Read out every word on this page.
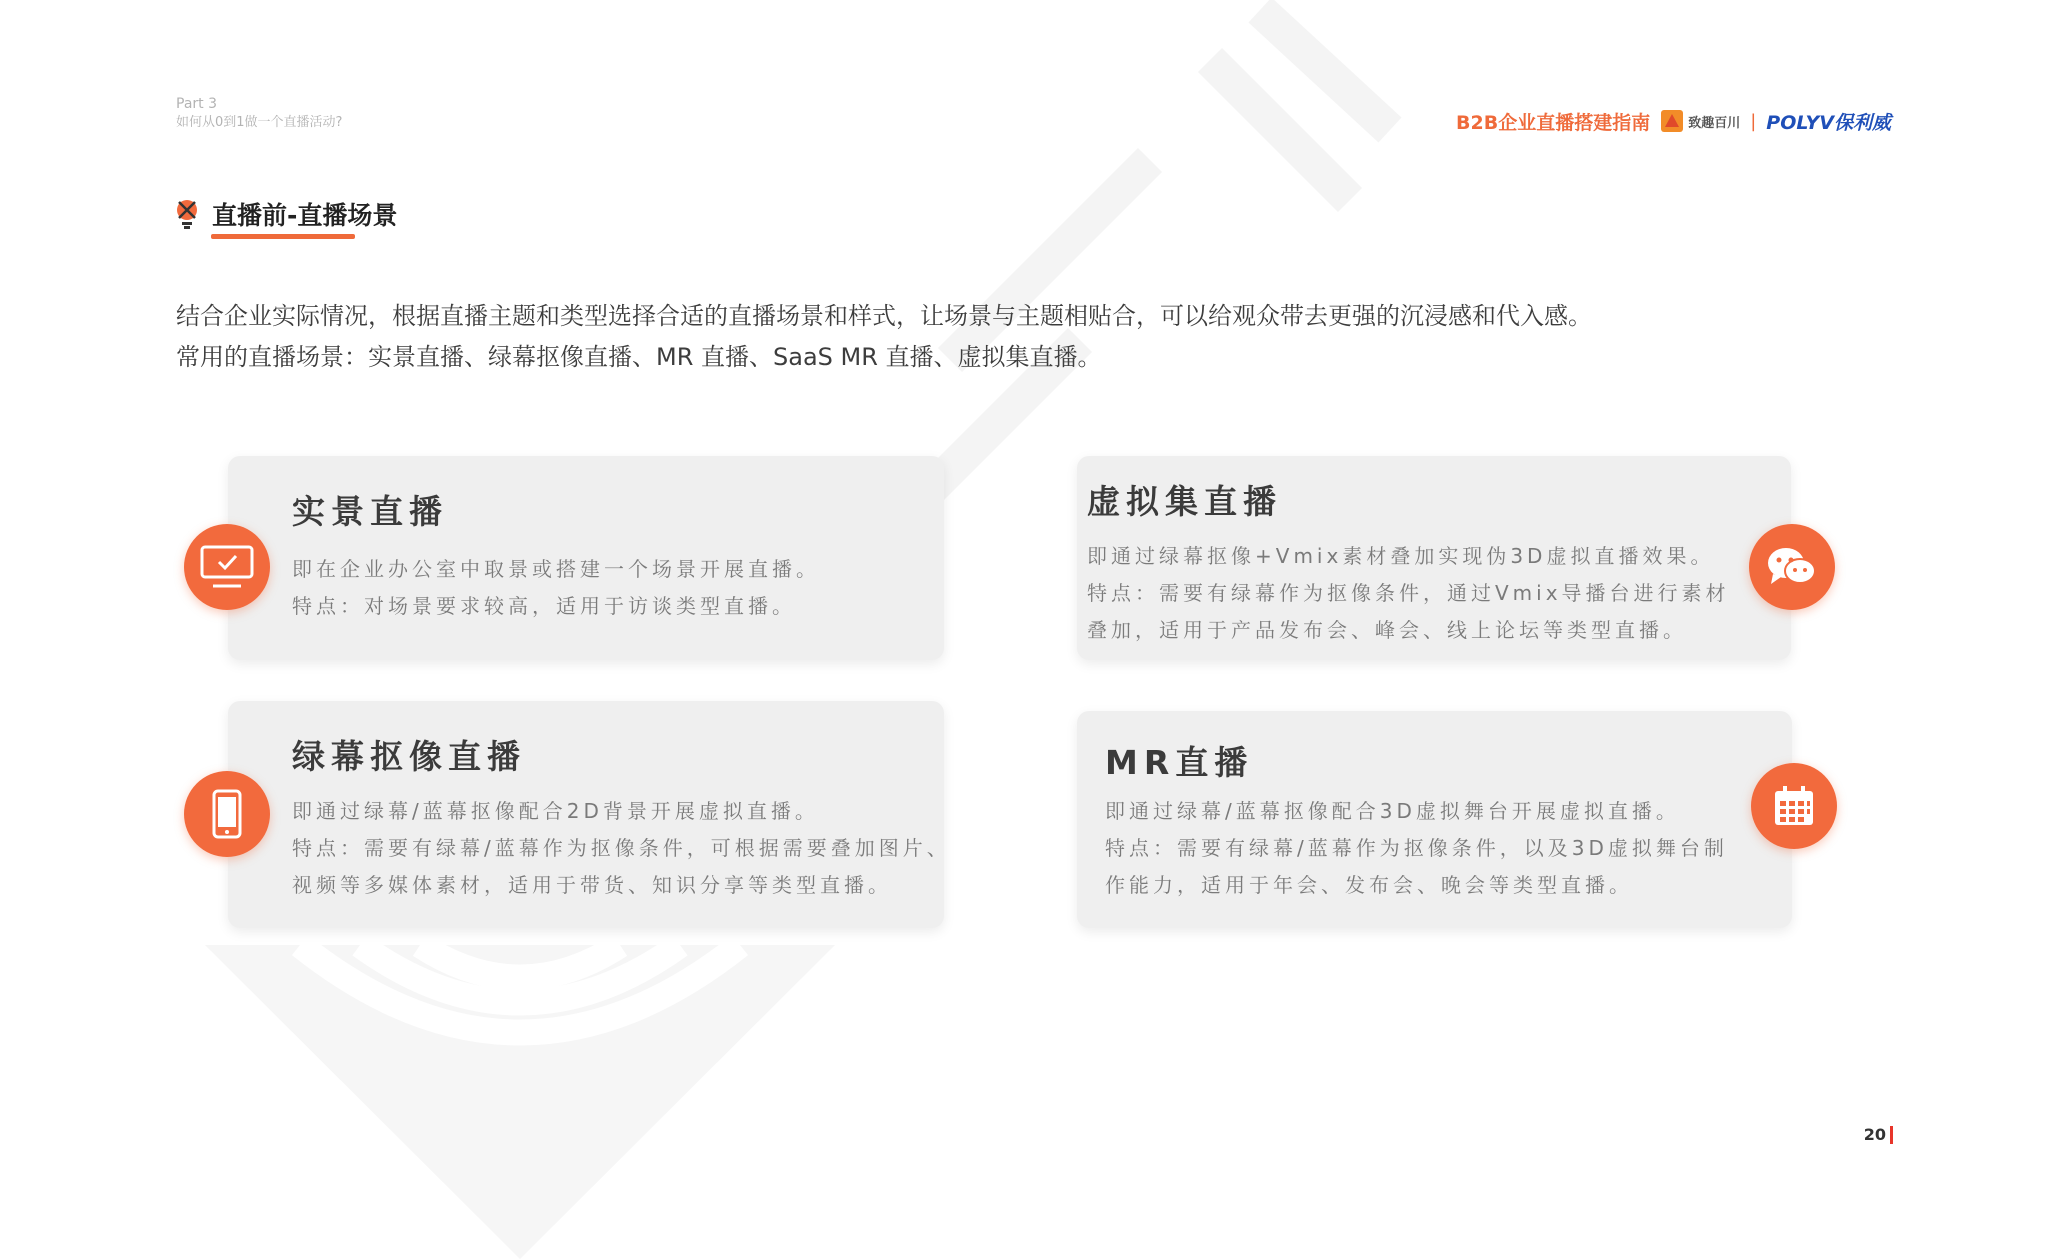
Part 3
如何从0到1做一个直播活动?	B2B企业直播搭建指南	致趣百川 | POLYV保利威
直播前-直播场景
结合企业实际情况，根据直播主题和类型选择合适的直播场景和样式，让场景与主题相贴合，可以给观众带去更强的沉浸感和代入感。
常用的直播场景：实景直播、绿幕抠像直播、MR 直播、SaaS MR 直播、虚拟集直播。
实景直播
即在企业办公室中取景或搭建一个场景开展直播。
特点：对场景要求较高，适用于访谈类型直播。
虚拟集直播
即通过绿幕抠像+Vmix素材叠加实现伪3D虚拟直播效果。
特点：需要有绿幕作为抠像条件，通过Vmix导播台进行素材
叠加，适用于产品发布会、峰会、线上论坛等类型直播。
绿幕抠像直播
即通过绿幕/蓝幕抠像配合2D背景开展虚拟直播。
特点：需要有绿幕/蓝幕作为抠像条件，可根据需要叠加图片、
视频等多媒体素材，适用于带货、知识分享等类型直播。
MR直播
即通过绿幕/蓝幕抠像配合3D虚拟舞台开展虚拟直播。
特点：需要有绿幕/蓝幕作为抠像条件，以及3D虚拟舞台制
作能力，适用于年会、发布会、晚会等类型直播。
20
